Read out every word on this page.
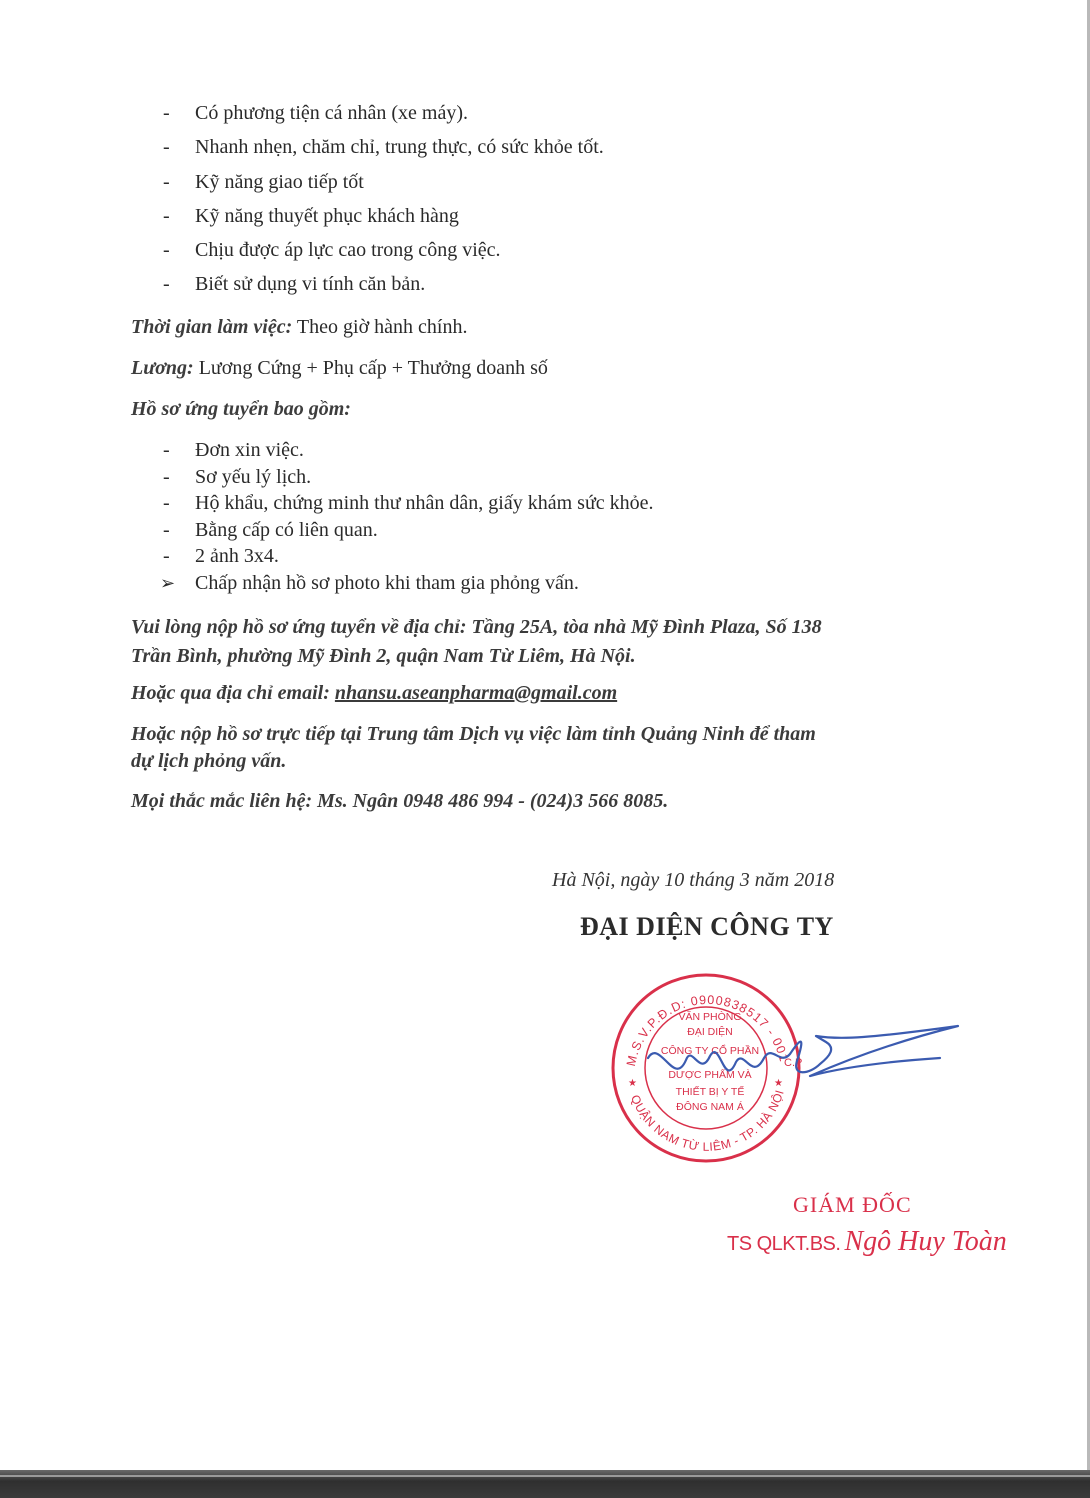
- Có phương tiện cá nhân (xe máy).
- Nhanh nhẹn, chăm chỉ, trung thực, có sức khỏe tốt.
- Kỹ năng giao tiếp tốt
- Kỹ năng thuyết phục khách hàng
- Chịu được áp lực cao trong công việc.
- Biết sử dụng vi tính căn bản.
Thời gian làm việc: Theo giờ hành chính.
Lương: Lương Cứng + Phụ cấp + Thưởng doanh số
Hồ sơ ứng tuyển bao gồm:
- Đơn xin việc.
- Sơ yếu lý lịch.
- Hộ khẩu, chứng minh thư nhân dân, giấy khám sức khỏe.
- Bằng cấp có liên quan.
- 2 ảnh 3x4.
➢ Chấp nhận hồ sơ photo khi tham gia phỏng vấn.
Vui lòng nộp hồ sơ ứng tuyển về địa chỉ: Tầng 25A, tòa nhà Mỹ Đình Plaza, Số 138
Trần Bình, phường Mỹ Đình 2, quận Nam Từ Liêm, Hà Nội.
Hoặc qua địa chỉ email: nhansu.aseanpharma@gmail.com
Hoặc nộp hồ sơ trực tiếp tại Trung tâm Dịch vụ việc làm tỉnh Quảng Ninh để tham
dự lịch phỏng vấn.
Mọi thắc mắc liên hệ: Ms. Ngân 0948 486 994 - (024)3 566 8085.
Hà Nội, ngày 10 tháng 3 năm 2018
ĐẠI DIỆN CÔNG TY
M.S.V.P.Đ.D: 0900838517 - 001
QUẬN NAM TỪ LIÊM - TP. HÀ NỘI
C.P
★	★
VĂN PHÒNG
ĐẠI DIỆN
CÔNG TY CỔ PHẦN
DƯỢC PHẨM VÀ
THIẾT BỊ Y TẾ
ĐÔNG NAM Á
GIÁM ĐỐC
TS QLKT.BS. Ngô Huy Toàn
